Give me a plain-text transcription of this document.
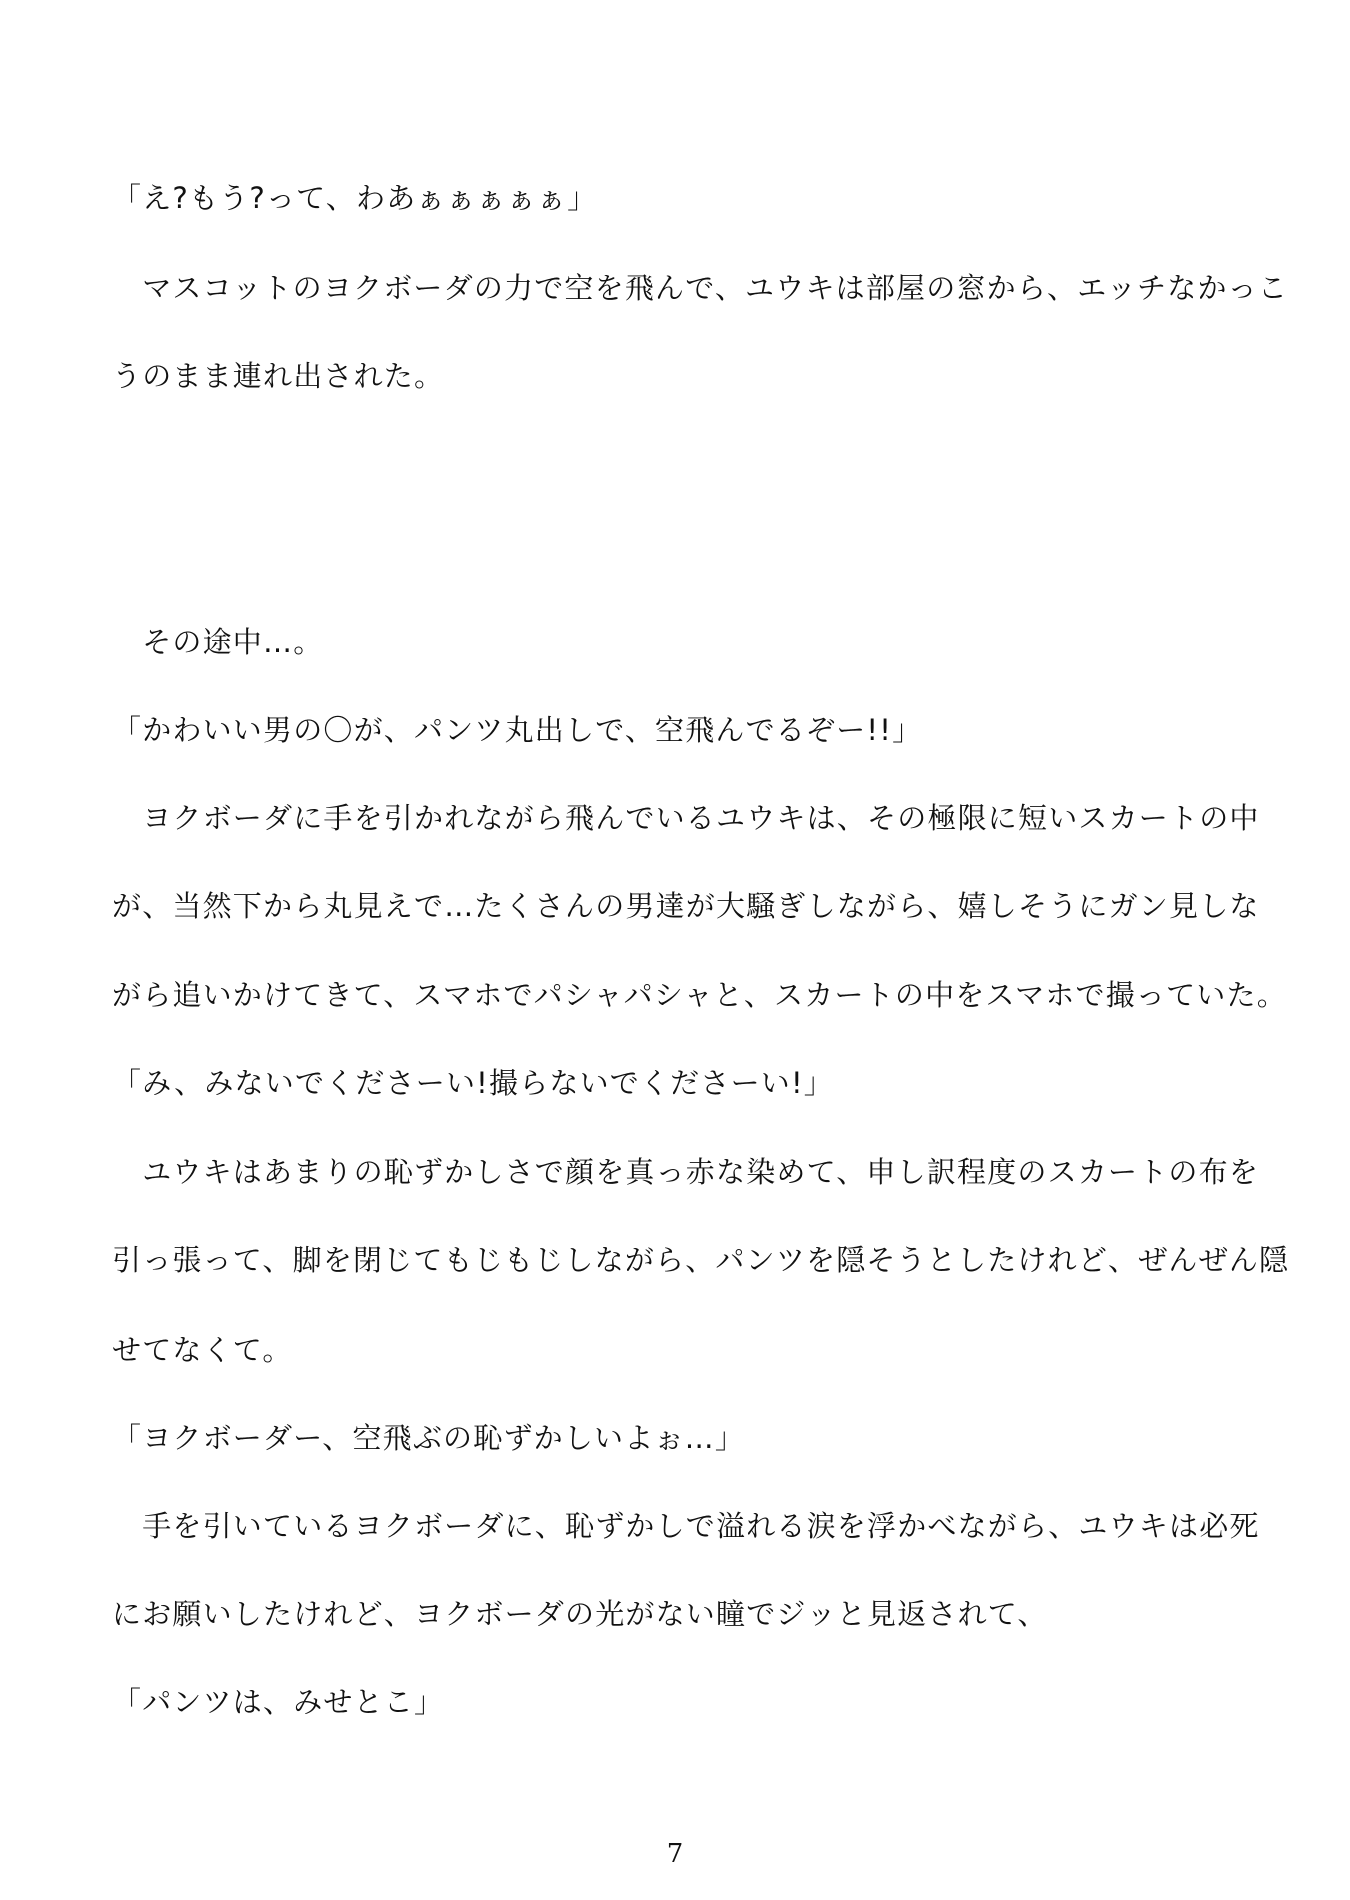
「え?もう?って、わあぁぁぁぁぁ」
　マスコットのヨクボーダの力で空を飛んで、ユウキは部屋の窓から、エッチなかっこ
うのまま連れ出された。
　その途中…。
「かわいい男の〇が、パンツ丸出しで、空飛んでるぞー!!」
　ヨクボーダに手を引かれながら飛んでいるユウキは、その極限に短いスカートの中
が、当然下から丸見えで…たくさんの男達が大騒ぎしながら、嬉しそうにガン見しな
がら追いかけてきて、スマホでパシャパシャと、スカートの中をスマホで撮っていた。
「み、みないでくださーい!撮らないでくださーい!」
　ユウキはあまりの恥ずかしさで顔を真っ赤な染めて、申し訳程度のスカートの布を
引っ張って、脚を閉じてもじもじしながら、パンツを隠そうとしたけれど、ぜんぜん隠
せてなくて。
「ヨクボーダー、空飛ぶの恥ずかしいよぉ…」
　手を引いているヨクボーダに、恥ずかしで溢れる涙を浮かべながら、ユウキは必死
にお願いしたけれど、ヨクボーダの光がない瞳でジッと見返されて、
「パンツは、みせとこ」
7
